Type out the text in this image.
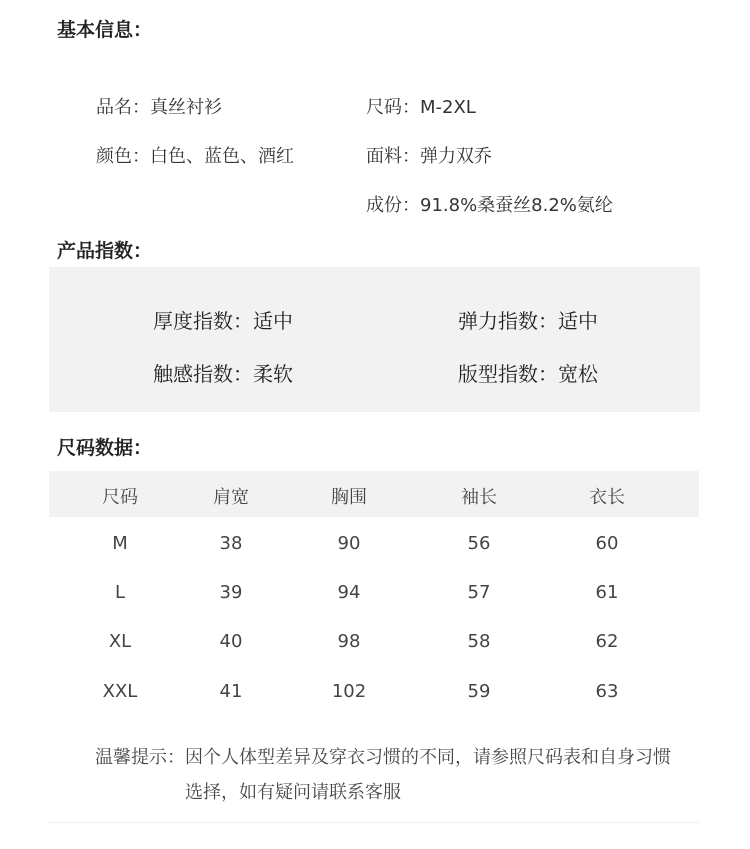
基本信息：
品名：真丝衬衫	尺码：M-2XL
颜色：白色、蓝色、酒红	面料：弹力双乔
成份：91.8%桑蚕丝8.2%氨纶
产品指数：
厚度指数：适中	弹力指数：适中
触感指数：柔软	版型指数：宽松
尺码数据：
尺码	肩宽	胸围	袖长	衣长
M	38	90	56	60
L	39	94	57	61
XL	40	98	58	62
XXL	41	102	59	63
温馨提示：因个人体型差异及穿衣习惯的不同，请参照尺码表和自身习惯
选择，如有疑问请联系客服
